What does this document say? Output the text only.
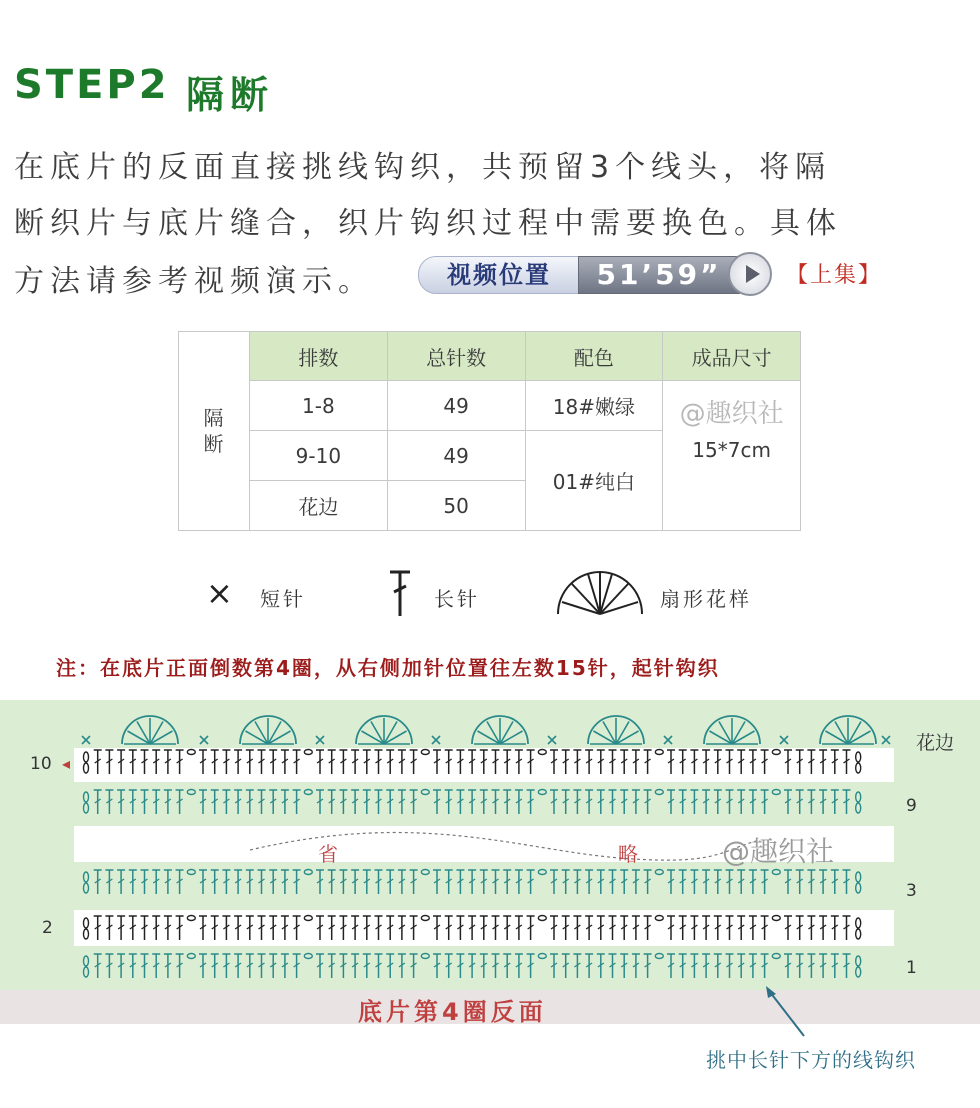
STEP2 隔断
在底片的反面直接挑线钩织，共预留3个线头，将隔
断织片与底片缝合，织片钩织过程中需要换色。具体
方法请参考视频演示。	视频位置	51’59”	【上集】
隔
断	排数	总针数	配色	成品尺寸
	1-8	49	18#嫩绿	@趣织社
15*7cm
	9-10	49	01#纯白	
	花边	50		
× 短针	长针	扇形花样
注：在底片正面倒数第4圈，从右侧加针位置往左数15针，起针钩织
10 ◂
9
3
2
1
花边
省	略	@趣织社
底片第4圈反面
挑中长针下方的线钩织
